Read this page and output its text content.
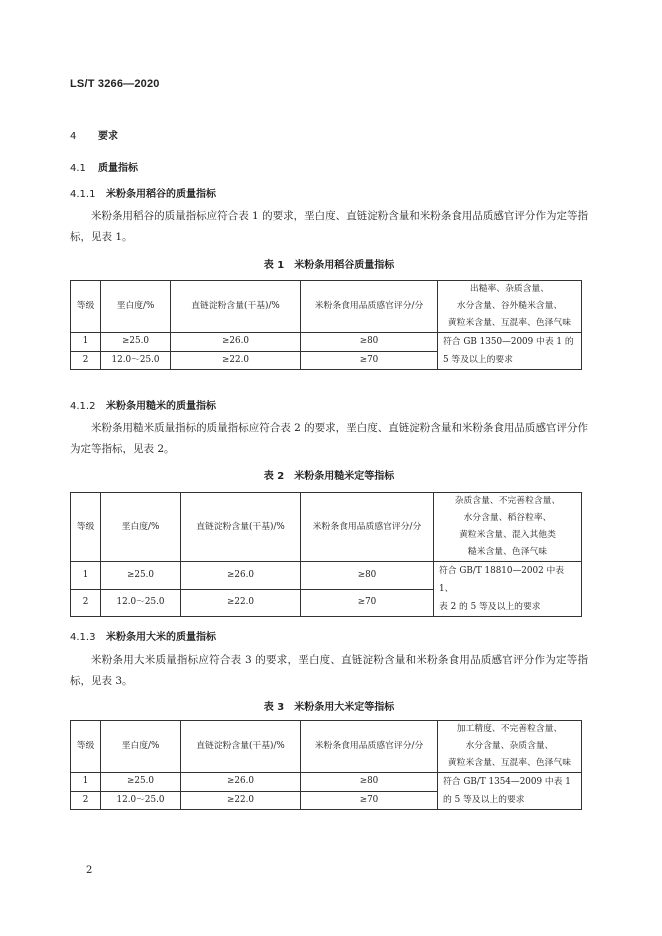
LS/T 3266—2020
4 要求
4.1 质量指标
4.1.1 米粉条用稻谷的质量指标
米粉条用稻谷的质量指标应符合表 1 的要求，垩白度、直链淀粉含量和米粉条食用品质感官评分作为定等指标，见表 1。
表 1　米粉条用稻谷质量指标
等级	垩白度/%	直链淀粉含量(干基)/%	米粉条食用品质感官评分/分	出糙率、杂质含量、
水分含量、谷外糙米含量、
黄粒米含量、互混率、色泽气味

1	≥25.0	≥26.0	≥80	符合 GB 1350—2009 中表 1 的
5 等及以上的要求

2	12.0～25.0	≥22.0	≥70	
4.1.2 米粉条用糙米的质量指标
米粉条用糙米质量指标的质量指标应符合表 2 的要求，垩白度、直链淀粉含量和米粉条食用品质感官评分作为定等指标，见表 2。
表 2　米粉条用糙米定等指标
等级	垩白度/%	直链淀粉含量(干基)/%	米粉条食用品质感官评分/分	杂质含量、不完善粒含量、
水分含量、稻谷粒率、
黄粒米含量、混入其他类
糙米含量、色泽气味

1	≥25.0	≥26.0	≥80	符合 GB/T 18810—2002 中表 1、
表 2 的 5 等及以上的要求

2	12.0～25.0	≥22.0	≥70	
4.1.3 米粉条用大米的质量指标
米粉条用大米质量指标应符合表 3 的要求，垩白度、直链淀粉含量和米粉条食用品质感官评分作为定等指标，见表 3。
表 3　米粉条用大米定等指标
等级	垩白度/%	直链淀粉含量(干基)/%	米粉条食用品质感官评分/分	加工精度、不完善粒含量、
水分含量、杂质含量、
黄粒米含量、互混率、色泽气味

1	≥25.0	≥26.0	≥80	符合 GB/T 1354—2009 中表 1
的 5 等及以上的要求

2	12.0～25.0	≥22.0	≥70	
2
